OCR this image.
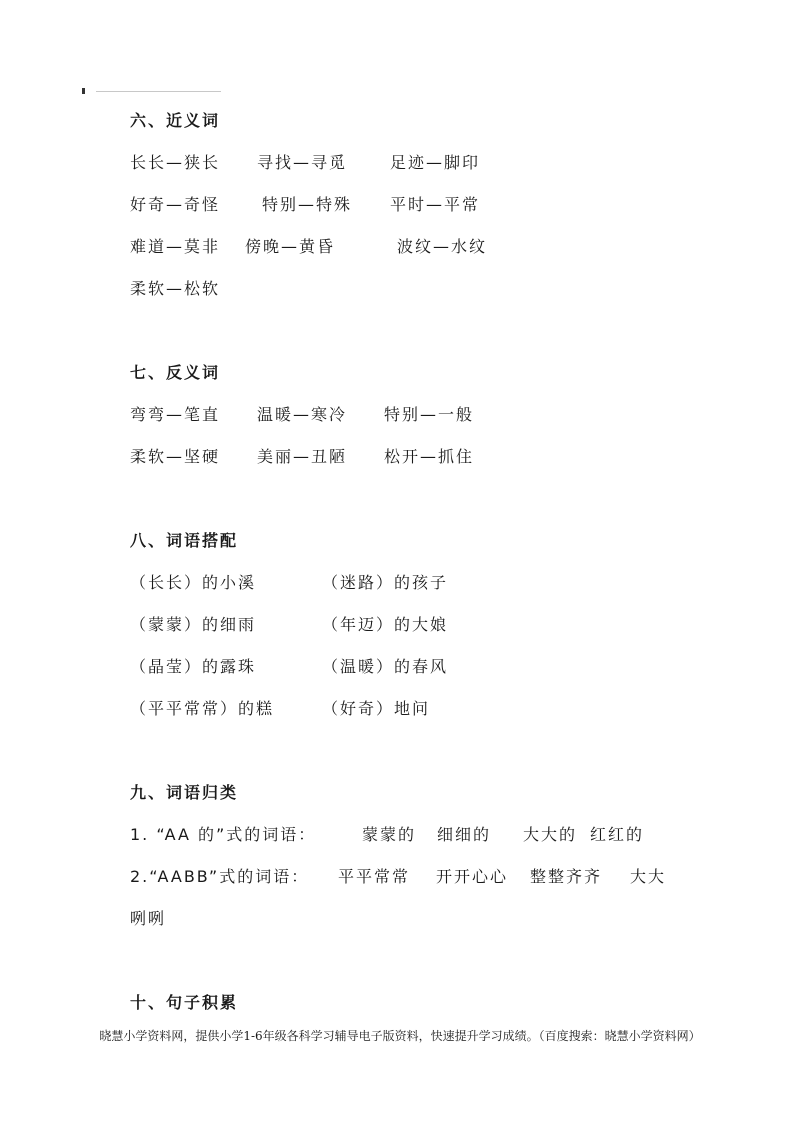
六、近义词
长长—狭长 寻找—寻觅	足迹—脚印
好奇—奇怪	特别—特殊 平时—平常
难道—莫非 傍晚—黄昏	波纹—水纹
柔软—松软
七、反义词
弯弯—笔直 温暖—寒冷 特别—一般
柔软—坚硬 美丽—丑陋 松开—抓住
八、词语搭配
（长长）的小溪	（迷路）的孩子
（蒙蒙）的细雨	（年迈）的大娘
（晶莹）的露珠	（温暖）的春风
（平平常常）的糕	（好奇）地问
九、词语归类
1. “AA 的”式的词语：	蒙蒙的 细细的 大大的 红红的
2.“AABB”式的词语： 平平常常 开开心心 整整齐齐 大大
咧咧
十、句子积累
晓慧小学资料网，提供小学1-6年级各科学习辅导电子版资料，快速提升学习成绩。（百度搜索：晓慧小学资料网）
